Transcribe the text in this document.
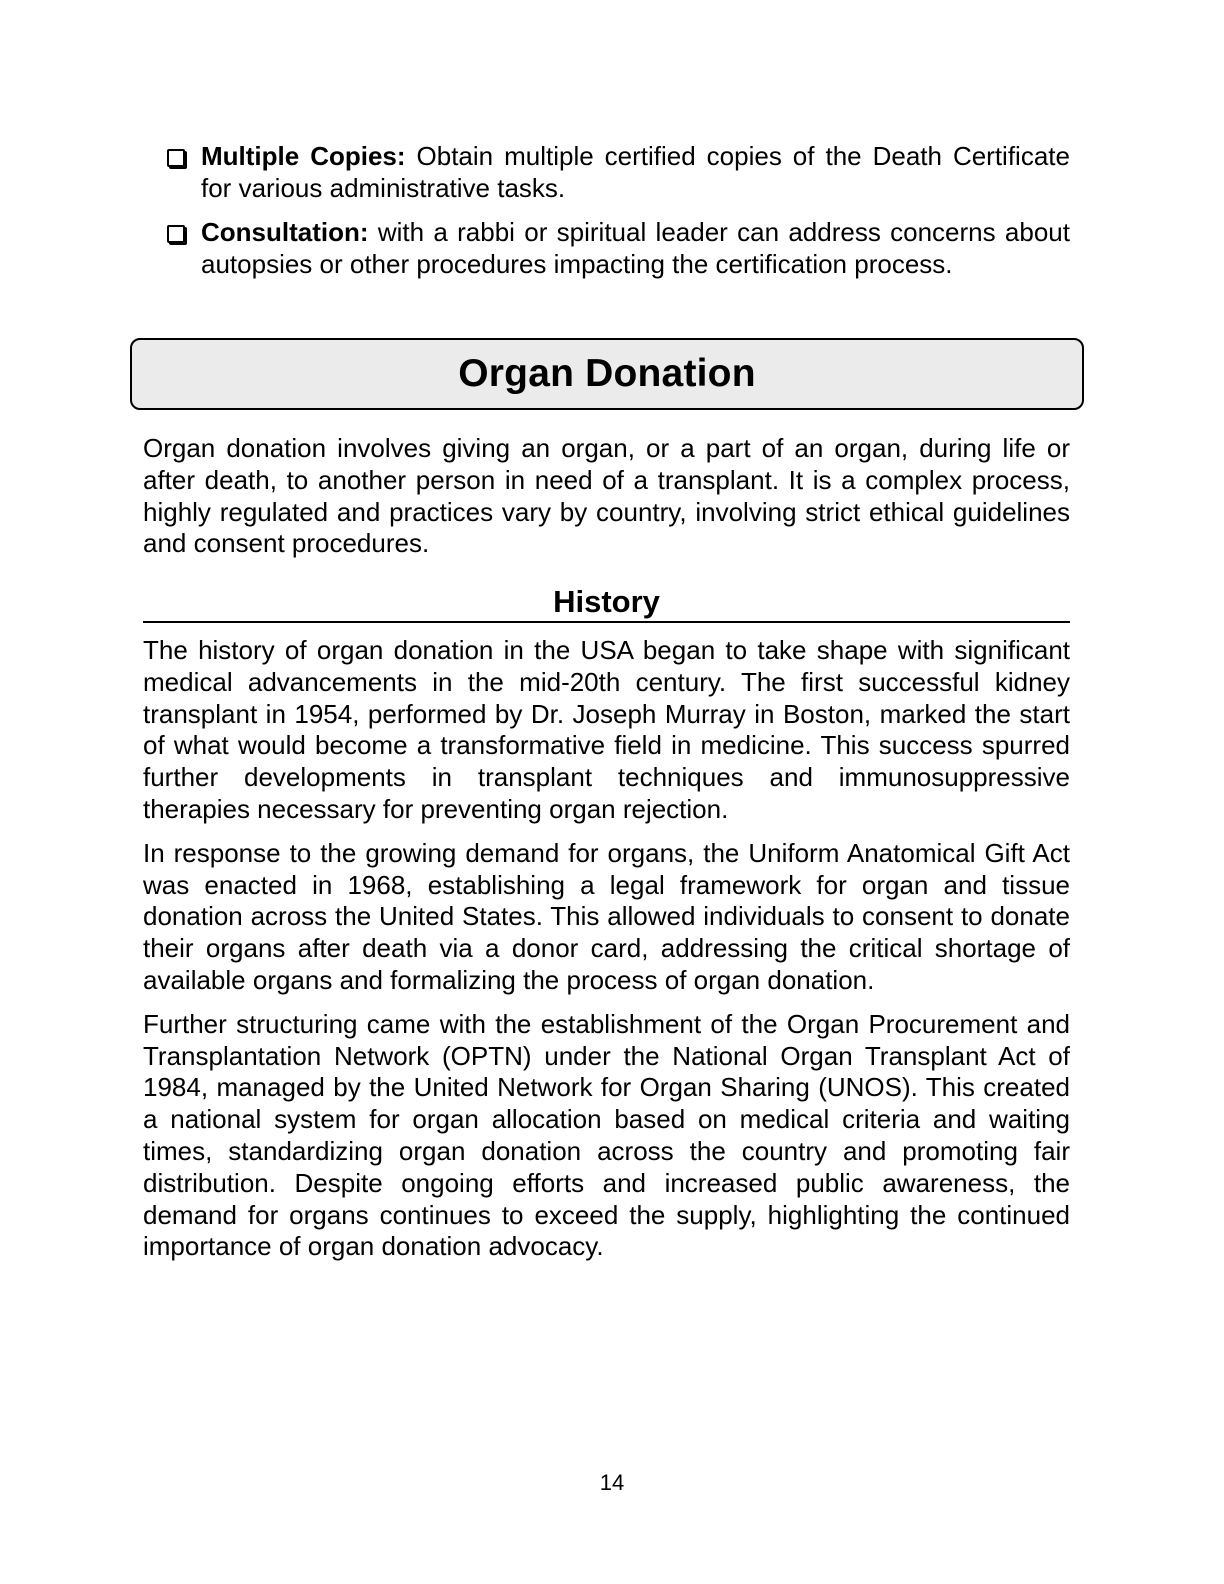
Multiple Copies: Obtain multiple certified copies of the Death Certificate for various administrative tasks.
Consultation: with a rabbi or spiritual leader can address concerns about autopsies or other procedures impacting the certification process.
Organ Donation

Organ donation involves giving an organ, or a part of an organ, during life or after death, to another person in need of a transplant. It is a complex process, highly regulated and practices vary by country, involving strict ethical guidelines and consent procedures.

History

The history of organ donation in the USA began to take shape with significant medical advancements in the mid-20th century. The first successful kidney transplant in 1954, performed by Dr. Joseph Murray in Boston, marked the start of what would become a transformative field in medicine. This success spurred further developments in transplant techniques and immunosuppressive therapies necessary for preventing organ rejection.

In response to the growing demand for organs, the Uniform Anatomical Gift Act was enacted in 1968, establishing a legal framework for organ and tissue donation across the United States. This allowed individuals to consent to donate their organs after death via a donor card, addressing the critical shortage of available organs and formalizing the process of organ donation.

Further structuring came with the establishment of the Organ Procurement and Transplantation Network (OPTN) under the National Organ Transplant Act of 1984, managed by the United Network for Organ Sharing (UNOS). This created a national system for organ allocation based on medical criteria and waiting times, standardizing organ donation across the country and promoting fair distribution. Despite ongoing efforts and increased public awareness, the demand for organs continues to exceed the supply, highlighting the continued importance of organ donation advocacy.

14
